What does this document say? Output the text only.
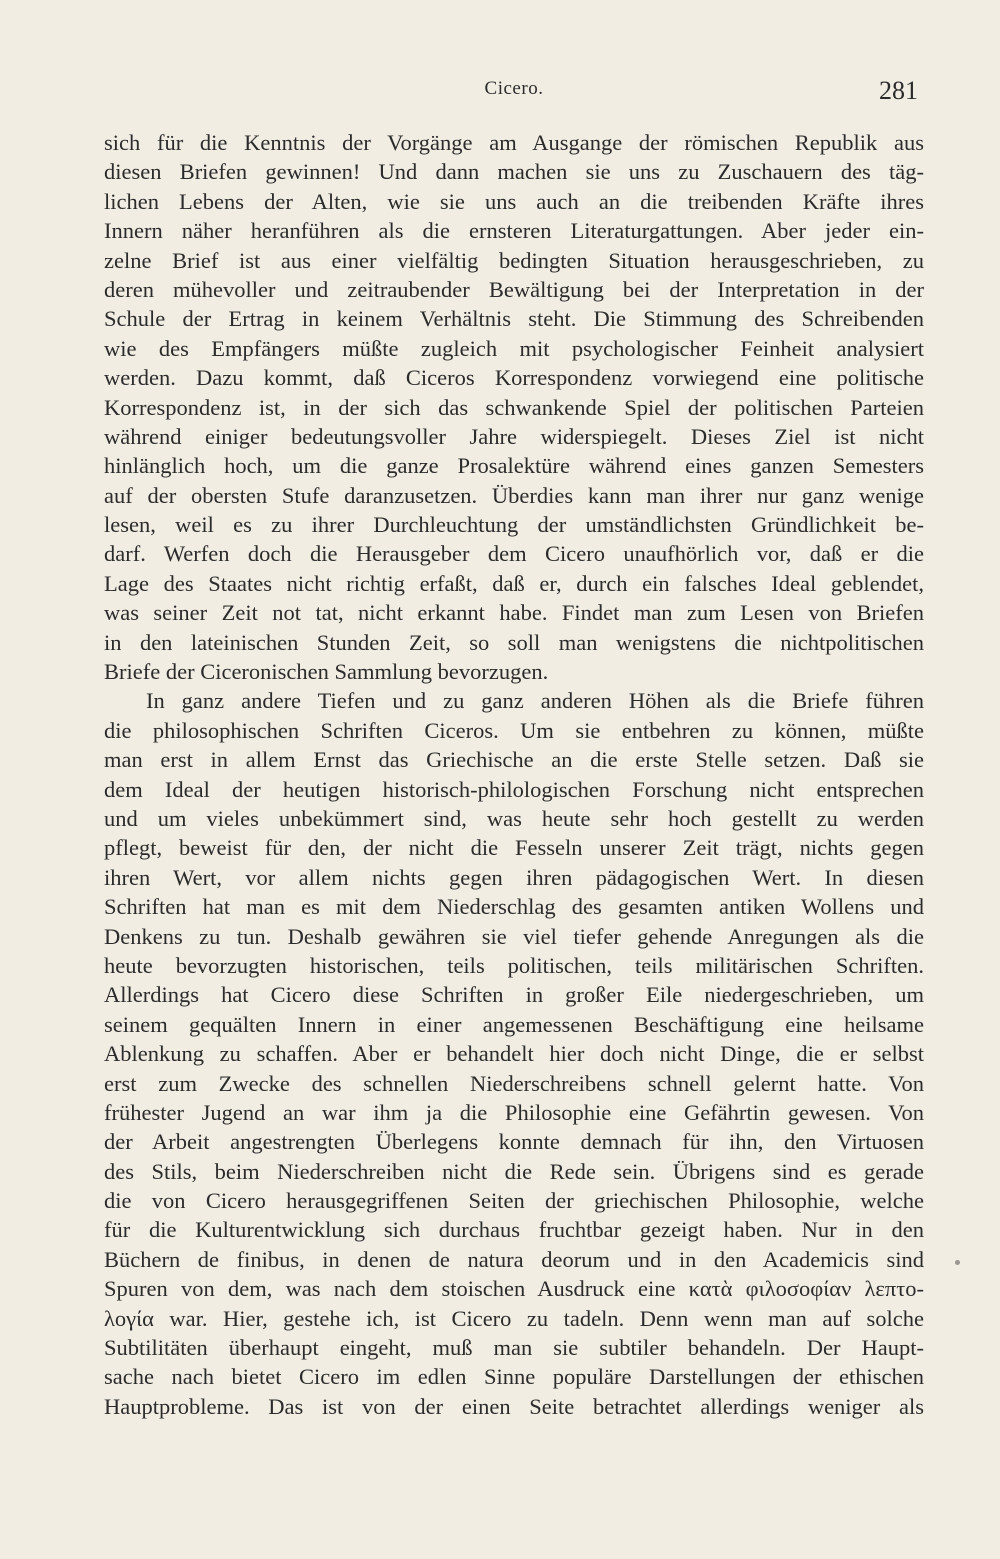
Cicero.	281
sich für die Kenntnis der Vorgänge am Ausgange der römischen Republik aus
diesen Briefen gewinnen! Und dann machen sie uns zu Zuschauern des täg-
lichen Lebens der Alten, wie sie uns auch an die treibenden Kräfte ihres
Innern näher heranführen als die ernsteren Literaturgattungen. Aber jeder ein-
zelne Brief ist aus einer vielfältig bedingten Situation herausgeschrieben, zu
deren mühevoller und zeitraubender Bewältigung bei der Interpretation in der
Schule der Ertrag in keinem Verhältnis steht. Die Stimmung des Schreibenden
wie des Empfängers müßte zugleich mit psychologischer Feinheit analysiert
werden. Dazu kommt, daß Ciceros Korrespondenz vorwiegend eine politische
Korrespondenz ist, in der sich das schwankende Spiel der politischen Parteien
während einiger bedeutungsvoller Jahre widerspiegelt. Dieses Ziel ist nicht
hinlänglich hoch, um die ganze Prosalektüre während eines ganzen Semesters
auf der obersten Stufe daranzusetzen. Überdies kann man ihrer nur ganz wenige
lesen, weil es zu ihrer Durchleuchtung der umständlichsten Gründlichkeit be-
darf. Werfen doch die Herausgeber dem Cicero unaufhörlich vor, daß er die
Lage des Staates nicht richtig erfaßt, daß er, durch ein falsches Ideal geblendet,
was seiner Zeit not tat, nicht erkannt habe. Findet man zum Lesen von Briefen
in den lateinischen Stunden Zeit, so soll man wenigstens die nichtpolitischen
Briefe der Ciceronischen Sammlung bevorzugen.
In ganz andere Tiefen und zu ganz anderen Höhen als die Briefe führen
die philosophischen Schriften Ciceros. Um sie entbehren zu können, müßte
man erst in allem Ernst das Griechische an die erste Stelle setzen. Daß sie
dem Ideal der heutigen historisch-philologischen Forschung nicht entsprechen
und um vieles unbekümmert sind, was heute sehr hoch gestellt zu werden
pflegt, beweist für den, der nicht die Fesseln unserer Zeit trägt, nichts gegen
ihren Wert, vor allem nichts gegen ihren pädagogischen Wert. In diesen
Schriften hat man es mit dem Niederschlag des gesamten antiken Wollens und
Denkens zu tun. Deshalb gewähren sie viel tiefer gehende Anregungen als die
heute bevorzugten historischen, teils politischen, teils militärischen Schriften.
Allerdings hat Cicero diese Schriften in großer Eile niedergeschrieben, um
seinem gequälten Innern in einer angemessenen Beschäftigung eine heilsame
Ablenkung zu schaffen. Aber er behandelt hier doch nicht Dinge, die er selbst
erst zum Zwecke des schnellen Niederschreibens schnell gelernt hatte. Von
frühester Jugend an war ihm ja die Philosophie eine Gefährtin gewesen. Von
der Arbeit angestrengten Überlegens konnte demnach für ihn, den Virtuosen
des Stils, beim Niederschreiben nicht die Rede sein. Übrigens sind es gerade
die von Cicero herausgegriffenen Seiten der griechischen Philosophie, welche
für die Kulturentwicklung sich durchaus fruchtbar gezeigt haben. Nur in den
Büchern de finibus, in denen de natura deorum und in den Academicis sind
Spuren von dem, was nach dem stoischen Ausdruck eine κατὰ φιλοσοφίαν λεπτο-
λογία war. Hier, gestehe ich, ist Cicero zu tadeln. Denn wenn man auf solche
Subtilitäten überhaupt eingeht, muß man sie subtiler behandeln. Der Haupt-
sache nach bietet Cicero im edlen Sinne populäre Darstellungen der ethischen
Hauptprobleme. Das ist von der einen Seite betrachtet allerdings weniger als
